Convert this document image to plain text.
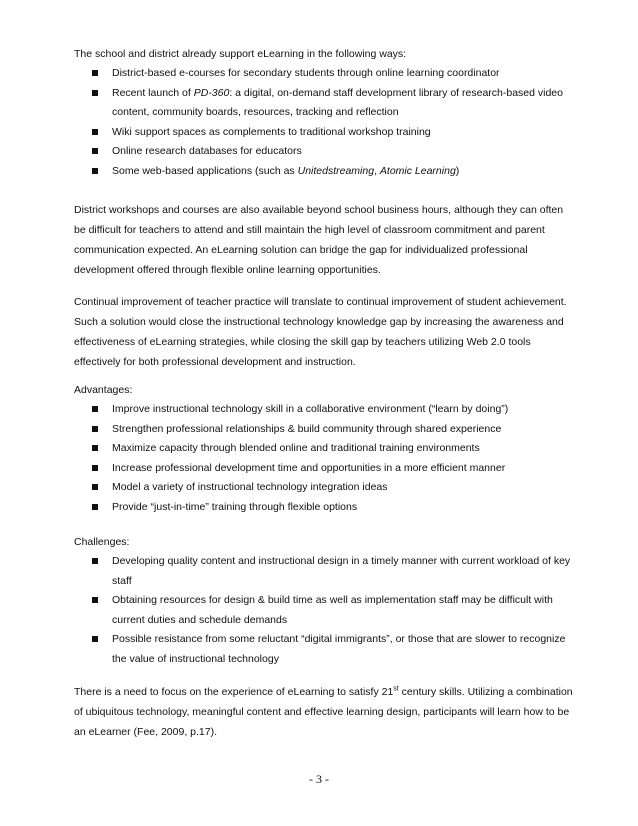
The school and district already support eLearning in the following ways:

District-based e-courses for secondary students through online learning coordinator
Recent launch of PD-360: a digital, on-demand staff development library of research-based video content, community boards, resources, tracking and reflection
Wiki support spaces as complements to traditional workshop training
Online research databases for educators
Some web-based applications (such as Unitedstreaming, Atomic Learning)

District workshops and courses are also available beyond school business hours, although they can often be difficult for teachers to attend and still maintain the high level of classroom commitment and parent communication expected. An eLearning solution can bridge the gap for individualized professional development offered through flexible online learning opportunities.

Continual improvement of teacher practice will translate to continual improvement of student achievement. Such a solution would close the instructional technology knowledge gap by increasing the awareness and effectiveness of eLearning strategies, while closing the skill gap by teachers utilizing Web 2.0 tools effectively for both professional development and instruction.

Advantages:

Improve instructional technology skill in a collaborative environment (“learn by doing”)
Strengthen professional relationships & build community through shared experience
Maximize capacity through blended online and traditional training environments
Increase professional development time and opportunities in a more efficient manner
Model a variety of instructional technology integration ideas
Provide “just-in-time” training through flexible options

Challenges:

Developing quality content and instructional design in a timely manner with current workload of key staff
Obtaining resources for design & build time as well as implementation staff may be difficult with current duties and schedule demands
Possible resistance from some reluctant “digital immigrants”, or those that are slower to recognize the value of instructional technology

There is a need to focus on the experience of eLearning to satisfy 21st century skills. Utilizing a combination of ubiquitous technology, meaningful content and effective learning design, participants will learn how to be an eLearner (Fee, 2009, p.17).

- 3 -
